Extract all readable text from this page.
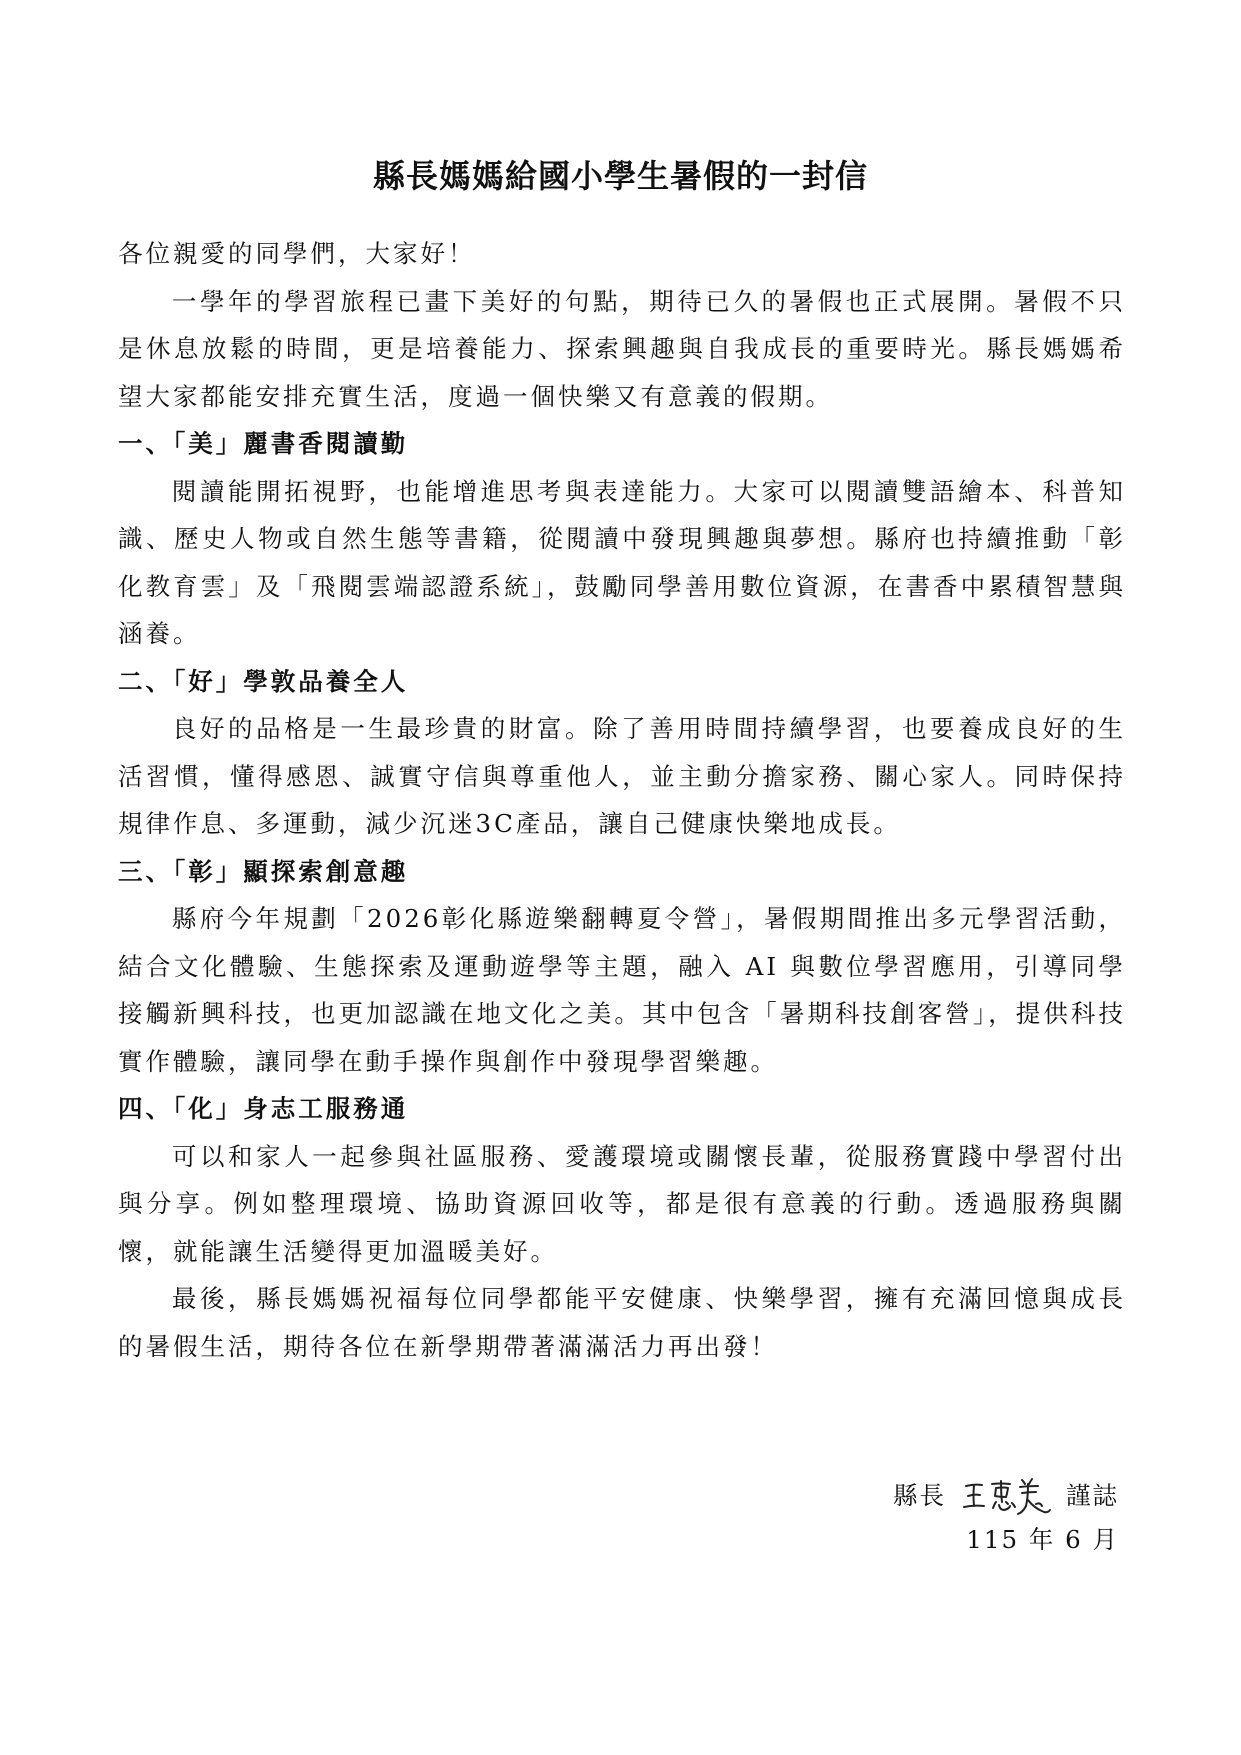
縣長媽媽給國小學生暑假的一封信

各位親愛的同學們，大家好！

一學年的學習旅程已畫下美好的句點，期待已久的暑假也正式展開。暑假不只是休息放鬆的時間，更是培養能力、探索興趣與自我成長的重要時光。縣長媽媽希望大家都能安排充實生活，度過一個快樂又有意義的假期。

一、「美」麗書香閱讀勤

閱讀能開拓視野，也能增進思考與表達能力。大家可以閱讀雙語繪本、科普知識、歷史人物或自然生態等書籍，從閱讀中發現興趣與夢想。縣府也持續推動「彰化教育雲」及「飛閱雲端認證系統」，鼓勵同學善用數位資源，在書香中累積智慧與涵養。

二、「好」學敦品養全人

良好的品格是一生最珍貴的財富。除了善用時間持續學習，也要養成良好的生活習慣，懂得感恩、誠實守信與尊重他人，並主動分擔家務、關心家人。同時保持規律作息、多運動，減少沉迷3C產品，讓自己健康快樂地成長。

三、「彰」顯探索創意趣

縣府今年規劃「2026彰化縣遊樂翻轉夏令營」，暑假期間推出多元學習活動，結合文化體驗、生態探索及運動遊學等主題，融入 AI 與數位學習應用，引導同學接觸新興科技，也更加認識在地文化之美。其中包含「暑期科技創客營」，提供科技實作體驗，讓同學在動手操作與創作中發現學習樂趣。

四、「化」身志工服務通

可以和家人一起參與社區服務、愛護環境或關懷長輩，從服務實踐中學習付出與分享。例如整理環境、協助資源回收等，都是很有意義的行動。透過服務與關懷，就能讓生活變得更加溫暖美好。

最後，縣長媽媽祝福每位同學都能平安健康、快樂學習，擁有充滿回憶與成長的暑假生活，期待各位在新學期帶著滿滿活力再出發！

縣長	謹誌
115 年 6 月
